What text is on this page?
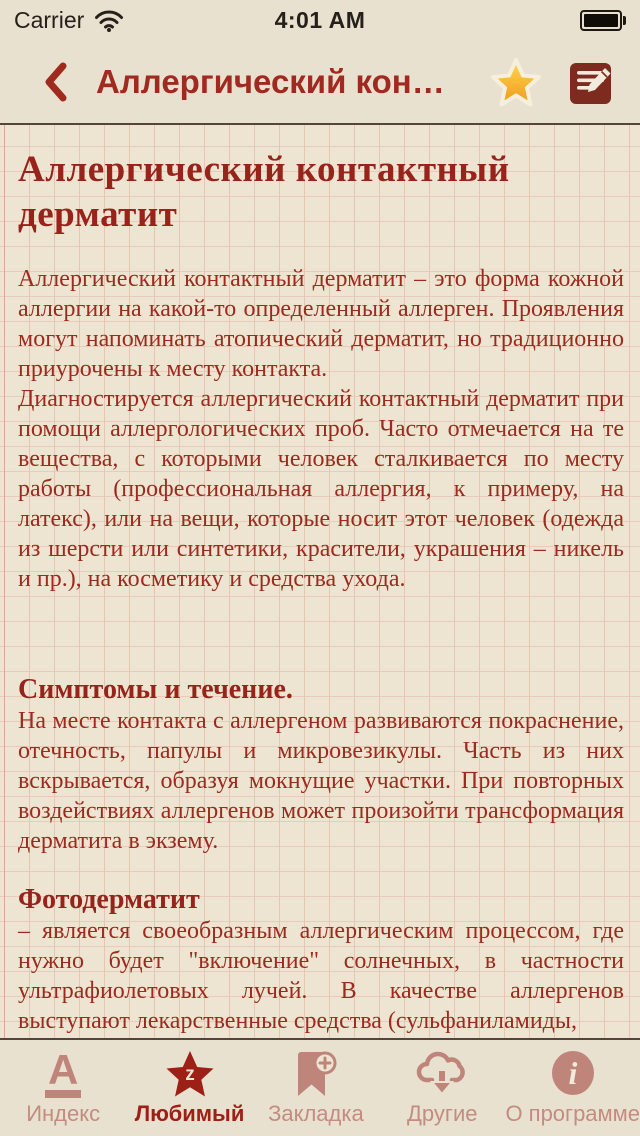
Carrier	4:01 AM
Аллергический кон…
Аллергический контактный дерматит

Аллергический контактный дерматит – это форма кожной аллергии на какой-то определенный аллерген. Проявления могут напоминать атопический дерматит, но традиционно приурочены к месту контакта.

Диагностируется аллергический контактный дерматит при помощи аллергологических проб. Часто отмечается на те вещества, с которыми человек сталкивается по месту работы (профессиональная аллергия, к примеру, на латекс), или на вещи, которые носит этот человек (одежда из шерсти или синтетики, красители, украшения – никель и пр.), на косметику и средства ухода.

Симптомы и течение.

На месте контакта с аллергеном развиваются покраснение, отечность, папулы и микровезикулы. Часть из них вскрывается, образуя мокнущие участки. При повторных воздействиях аллергенов может произойти трансформация дерматита в экзему.

Фотодерматит

– является своеобразным аллергическим процессом, где нужно будет "включение" солнечных, в частности ультрафиолетовых лучей. В качестве аллергенов выступают лекарственные средства (сульфаниламиды,

A
Индекс
z
Любимый Закладка Другие
i
О программе
